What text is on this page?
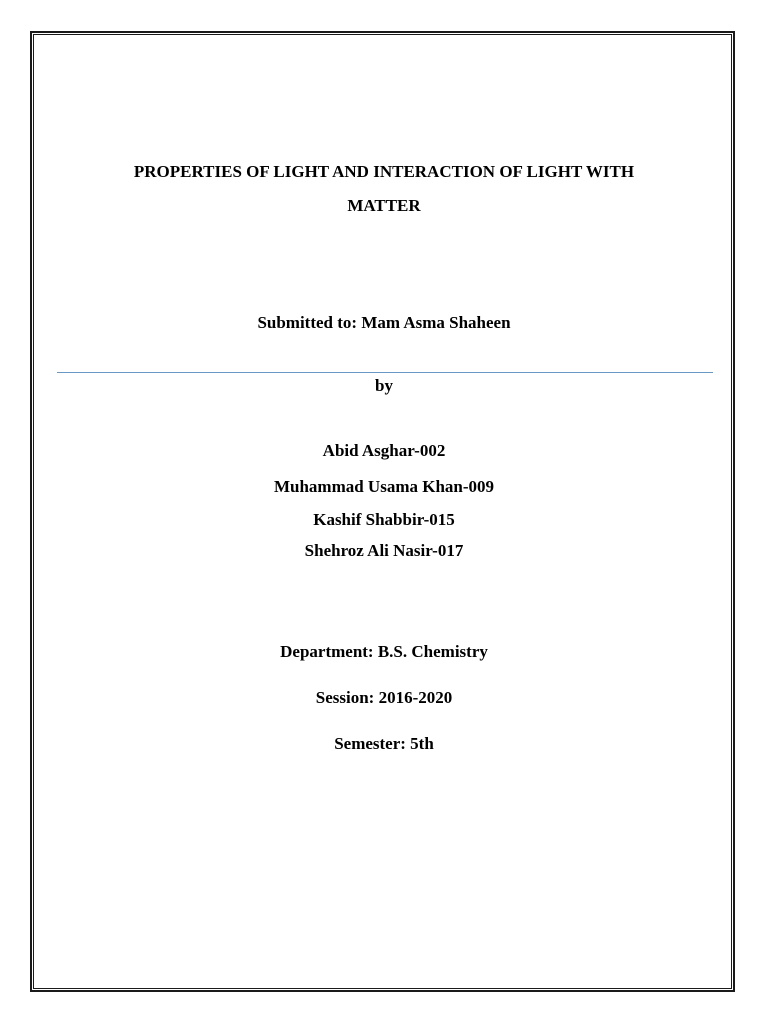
PROPERTIES OF LIGHT AND INTERACTION OF LIGHT WITH
MATTER
Submitted to: Mam Asma Shaheen
by
Abid Asghar-002
Muhammad Usama Khan-009
Kashif Shabbir-015
Shehroz Ali Nasir-017
Department: B.S. Chemistry
Session: 2016-2020
Semester: 5th
